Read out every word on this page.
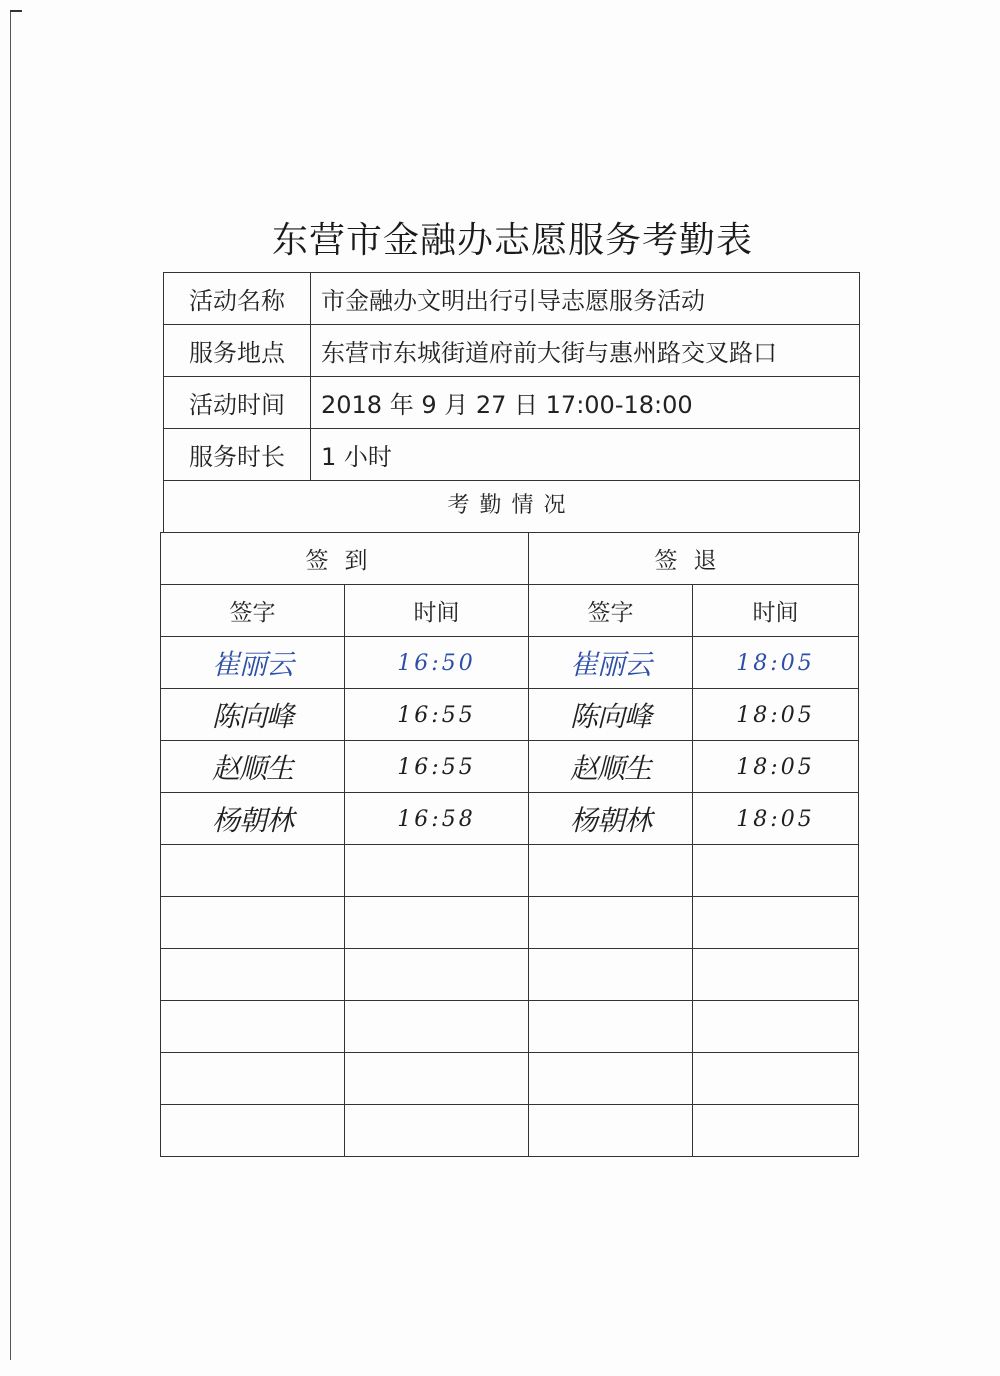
东营市金融办志愿服务考勤表
活动名称	市金融办文明出行引导志愿服务活动
服务地点	东营市东城街道府前大街与惠州路交叉路口
活动时间	2018 年 9 月 27 日 17:00-18:00
服务时长	1 小时
考勤情况
签到		签退	
签字	时间	签字	时间
崔丽云	16:50	崔丽云	18:05
陈向峰	16:55	陈向峰	18:05
赵顺生	16:55	赵顺生	18:05
杨朝林	16:58	杨朝林	18:05
